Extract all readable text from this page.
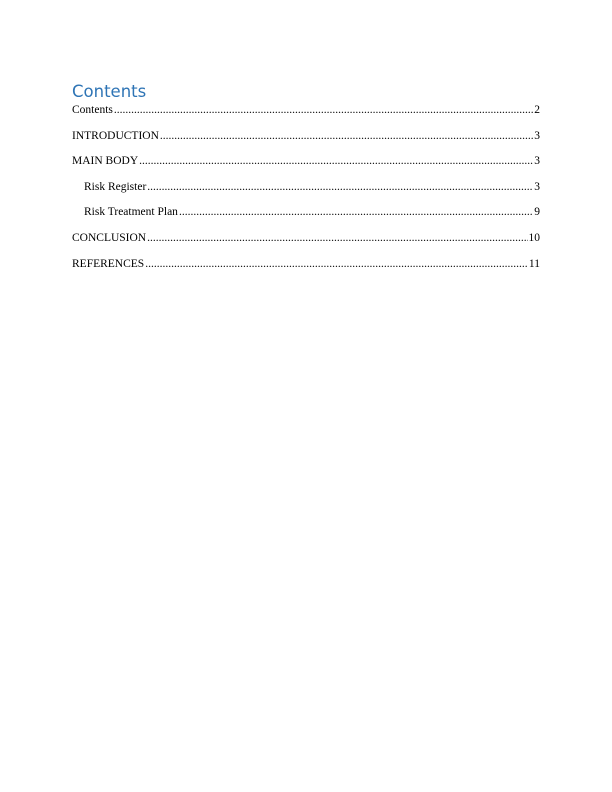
Contents
Contents .....	2
INTRODUCTION .....	3
MAIN BODY .....	3
Risk Register .....	3
Risk Treatment Plan .....	9
CONCLUSION .....	10
REFERENCES .....	11
